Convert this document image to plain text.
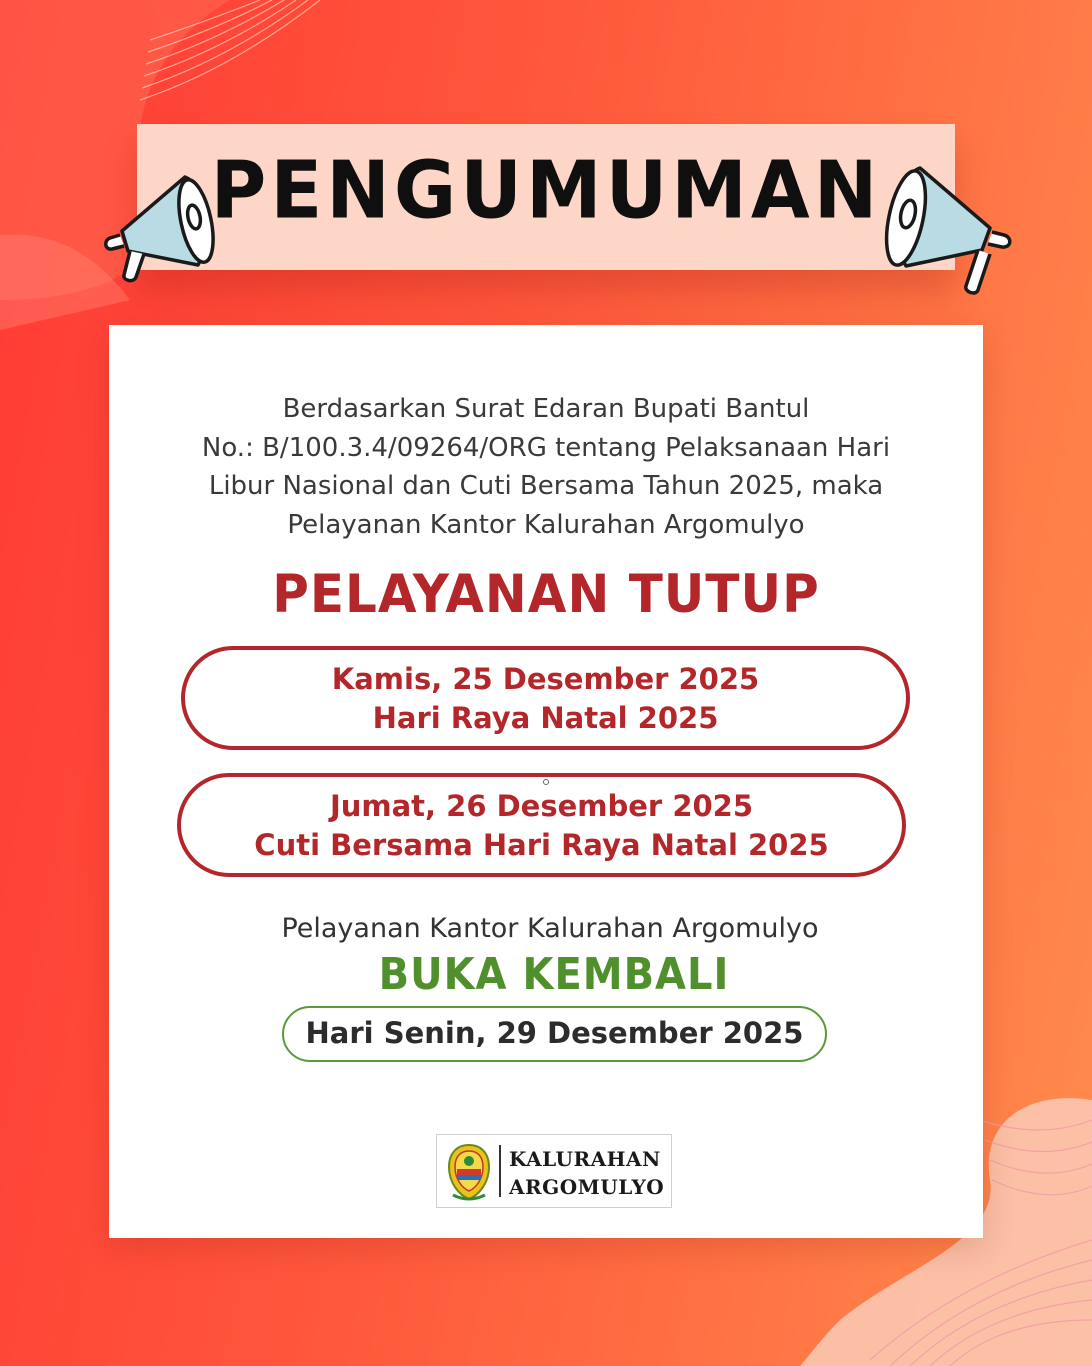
PENGUMUMAN
Berdasarkan Surat Edaran Bupati Bantul
No.: B/100.3.4/09264/ORG tentang Pelaksanaan Hari
Libur Nasional dan Cuti Bersama Tahun 2025, maka
Pelayanan Kantor Kalurahan Argomulyo
PELAYANAN TUTUP
Kamis, 25 Desember 2025
Hari Raya Natal 2025
Jumat, 26 Desember 2025
Cuti Bersama Hari Raya Natal 2025
Pelayanan Kantor Kalurahan Argomulyo
BUKA KEMBALI
Hari Senin, 29 Desember 2025
KALURAHAN
ARGOMULYO
